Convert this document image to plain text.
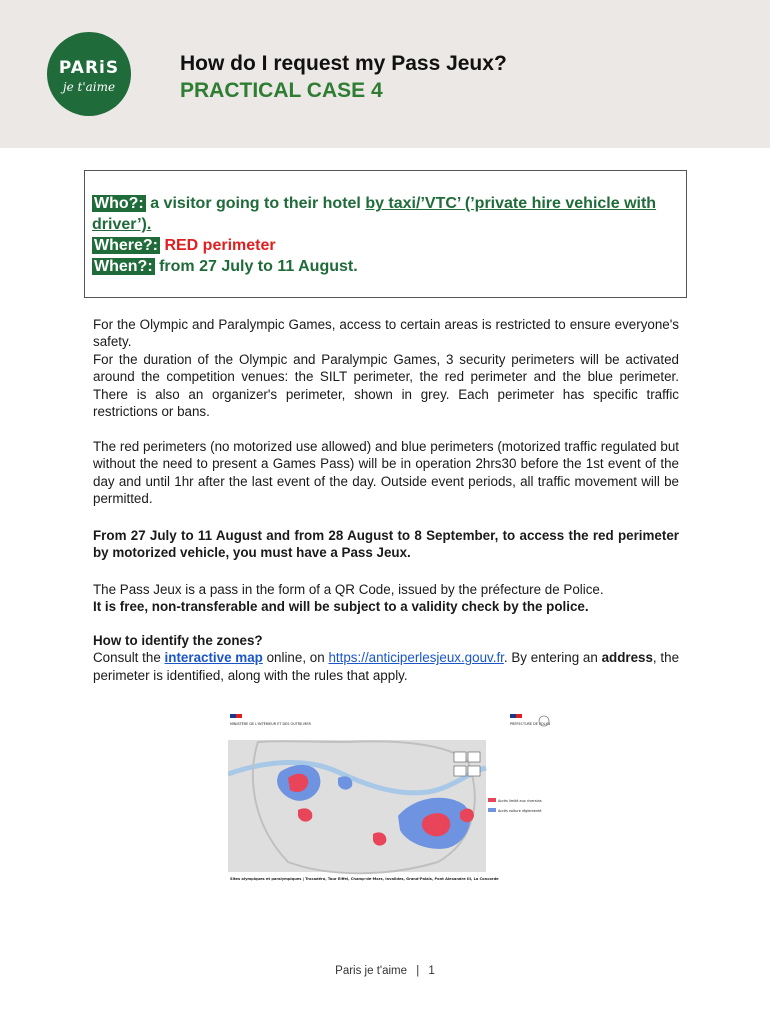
PARiS
je t'aime
How do I request my Pass Jeux?
PRACTICAL CASE 4
Who?: a visitor going to their hotel by taxi/’VTC’ (’private hire vehicle with driver’).
Where?: RED perimeter
When?: from 27 July to 11 August.
For the Olympic and Paralympic Games, access to certain areas is restricted to ensure everyone's safety.
For the duration of the Olympic and Paralympic Games, 3 security perimeters will be activated around the competition venues: the SILT perimeter, the red perimeter and the blue perimeter. There is also an organizer's perimeter, shown in grey. Each perimeter has specific traffic restrictions or bans.
The red perimeters (no motorized use allowed) and blue perimeters (motorized traffic regulated but without the need to present a Games Pass) will be in operation 2hrs30 before the 1st event of the day and until 1hr after the last event of the day. Outside event periods, all traffic movement will be permitted.
From 27 July to 11 August and from 28 August to 8 September, to access the red perimeter by motorized vehicle, you must have a Pass Jeux.
The Pass Jeux is a pass in the form of a QR Code, issued by the préfecture de Police.
It is free, non-transferable and will be subject to a validity check by the police.
How to identify the zones?
Consult the interactive map online, on https://anticiperlesjeux.gouv.fr. By entering an address, the perimeter is identified, along with the rules that apply.
MINISTÈRE DE L'INTÉRIEUR ET DES OUTRE-MER	PRÉFECTURE DE POLICE
Accès limité aux riverains
Accès voiture réglementé
Sites olympiques et paralympiques | Trocadéro, Tour Eiffel, Champ-de-Mars, Invalides, Grand-Palais, Pont Alexandre III, La Concorde
Paris je t'aime | 1
